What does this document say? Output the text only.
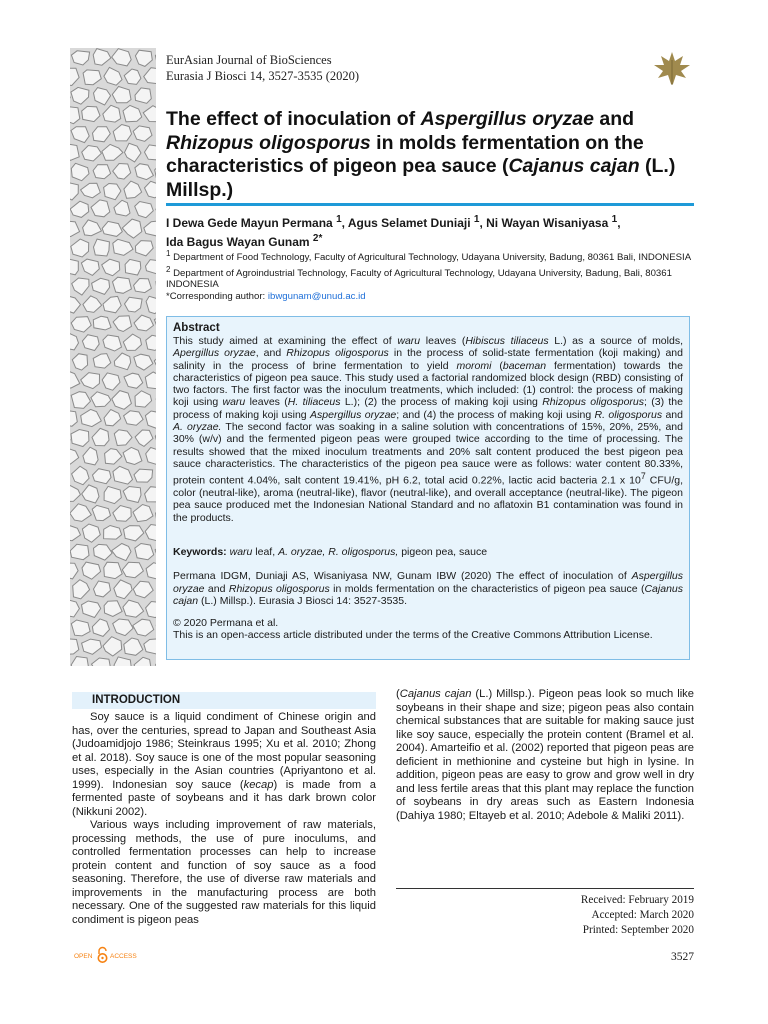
EurAsian Journal of BioSciences
Eurasia J Biosci 14, 3527-3535 (2020)
The effect of inoculation of Aspergillus oryzae and Rhizopus oligosporus in molds fermentation on the characteristics of pigeon pea sauce (Cajanus cajan (L.) Millsp.)
I Dewa Gede Mayun Permana $^1$, Agus Selamet Duniaji $^1$, Ni Wayan Wisaniyasa $^1$,
Ida Bagus Wayan Gunam $^{2*}$

$^1$ Department of Food Technology, Faculty of Agricultural Technology, Udayana University, Badung, 80361 Bali, INDONESIA

$^2$ Department of Agroindustrial Technology, Faculty of Agricultural Technology, Udayana University, Badung, Bali, 80361 INDONESIA

*Corresponding author: ibwgunam@unud.ac.id

Abstract

This study aimed at examining the effect of waru leaves (Hibiscus tiliaceus L.) as a source of molds, Apergillus oryzae, and Rhizopus oligosporus in the process of solid-state fermentation (koji making) and salinity in the process of brine fermentation to yield moromi (baceman fermentation) towards the characteristics of pigeon pea sauce. This study used a factorial randomized block design (RBD) consisting of two factors. The first factor was the inoculum treatments, which included: (1) control: the process of making koji using waru leaves (H. tiliaceus L.); (2) the process of making koji using Rhizopus oligosporus; (3) the process of making koji using Aspergillus oryzae; and (4) the process of making koji using R. oligosporus and A. oryzae. The second factor was soaking in a saline solution with concentrations of 15%, 20%, 25%, and 30% (w/v) and the fermented pigeon peas were grouped twice according to the time of processing. The results showed that the mixed inoculum treatments and 20% salt content produced the best pigeon pea sauce characteristics. The characteristics of the pigeon pea sauce were as follows: water content 80.33%, protein content 4.04%, salt content 19.41%, pH 6.2, total acid 0.22%, lactic acid bacteria 2.1 x $10^7$ CFU/g, color (neutral-like), aroma (neutral-like), flavor (neutral-like), and overall acceptance (neutral-like). The pigeon pea sauce produced met the Indonesian National Standard and no aflatoxin B1 contamination was found in the products.

Keywords: waru leaf, A. oryzae, R. oligosporus, pigeon pea, sauce

Permana IDGM, Duniaji AS, Wisaniyasa NW, Gunam IBW (2020) The effect of inoculation of Aspergillus oryzae and Rhizopus oligosporus in molds fermentation on the characteristics of pigeon pea sauce (Cajanus cajan (L.) Millsp.). Eurasia J Biosci 14: 3527-3535.

© 2020 Permana et al.

This is an open-access article distributed under the terms of the Creative Commons Attribution License.

INTRODUCTION

Soy sauce is a liquid condiment of Chinese origin and has, over the centuries, spread to Japan and Southeast Asia (Judoamidjojo 1986; Steinkraus 1995; Xu et al. 2010; Zhong et al. 2018). Soy sauce is one of the most popular seasoning uses, especially in the Asian countries (Apriyantono et al. 1999). Indonesian soy sauce (kecap) is made from a fermented paste of soybeans and it has dark brown color (Nikkuni 2002).

Various ways including improvement of raw materials, processing methods, the use of pure inoculums, and controlled fermentation processes can help to increase protein content and function of soy sauce as a food seasoning. Therefore, the use of diverse raw materials and improvements in the manufacturing process are both necessary. One of the suggested raw materials for this liquid condiment is pigeon peas

(Cajanus cajan (L.) Millsp.). Pigeon peas look so much like soybeans in their shape and size; pigeon peas also contain chemical substances that are suitable for making sauce just like soy sauce, especially the protein content (Bramel et al. 2004). Amarteifio et al. (2002) reported that pigeon peas are deficient in methionine and cysteine but high in lysine. In addition, pigeon peas are easy to grow and grow well in dry and less fertile areas that this plant may replace the function of soybeans in dry areas such as Eastern Indonesia (Dahiya 1980; Eltayeb et al. 2010; Adebole & Maliki 2011).

Received: February 2019
Accepted: March 2020
Printed: September 2020
OPEN	ACCESS	3527
